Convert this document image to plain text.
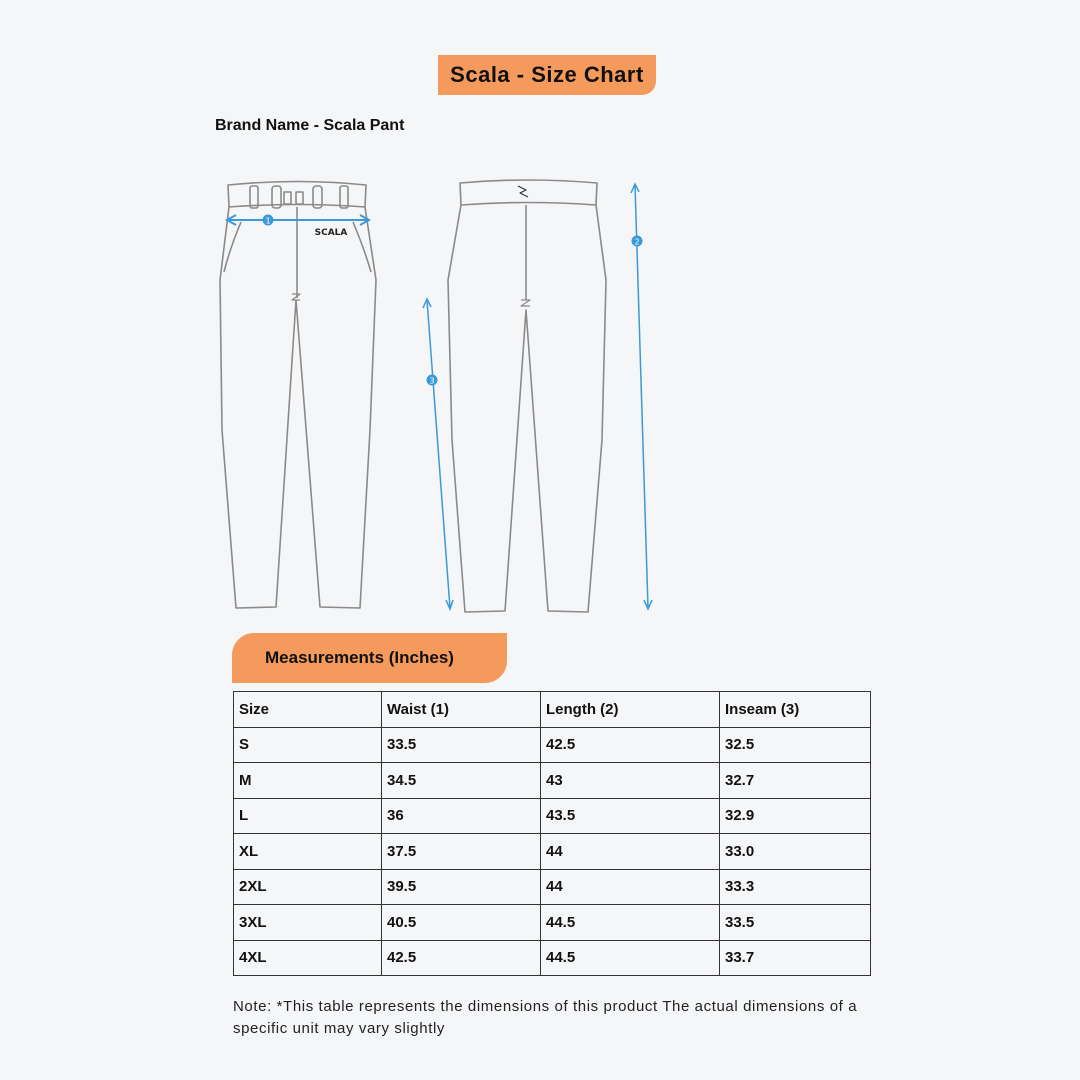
Scala - Size Chart
Brand Name - Scala Pant
SCALA
1
3
2
Measurements (Inches)
Size	Waist (1)	Length (2)	Inseam (3)
S	33.5	42.5	32.5
M	34.5	43	32.7
L	36	43.5	32.9
XL	37.5	44	33.0
2XL	39.5	44	33.3
3XL	40.5	44.5	33.5
4XL	42.5	44.5	33.7
Note: *This table represents the dimensions of this product The actual dimensions of a specific unit may vary slightly
